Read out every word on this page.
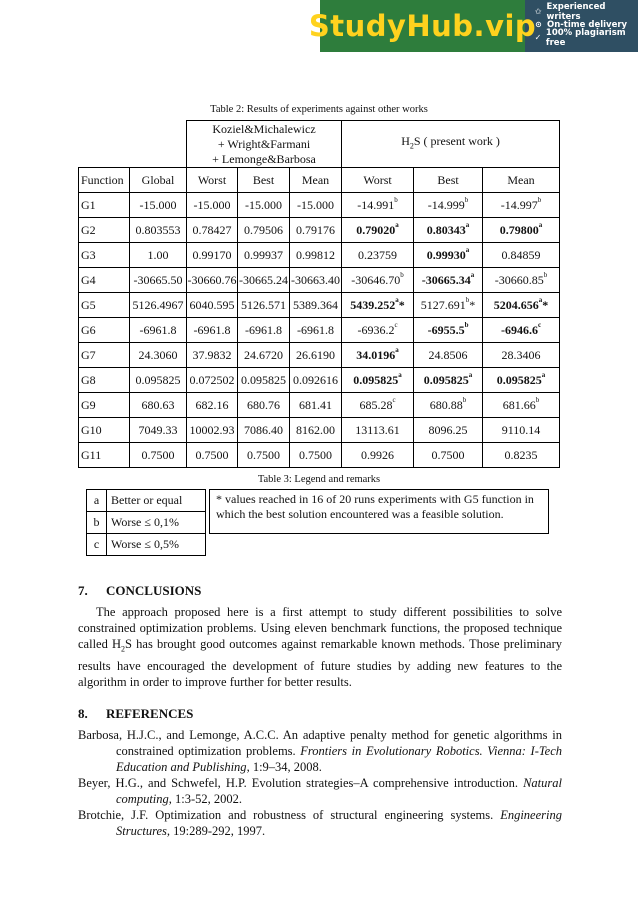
StudyHub.vip
✩ Experienced writers
⊙ On-time delivery
✓ 100% plagiarism free
Table 2: Results of experiments against other works

		Koziel&Michalewicz
+ Wright&Farmani
+ Lemonge&Barbosa			$H_2S$ ( present work )		
Function	Global	Worst	Best	Mean	Worst	Best	Mean
G1	-15.000	-15.000	-15.000	-15.000	-14.991$^b$	-14.999$^b$	-14.997$^b$
G2	0.803553	0.78427	0.79506	0.79176	0.79020$^a$	0.80343$^a$	0.79800$^a$
G3	1.00	0.99170	0.99937	0.99812	0.23759	0.99930$^a$	0.84859
G4	-30665.50	-30660.76	-30665.24	-30663.40	-30646.70$^b$	-30665.34$^a$	-30660.85$^b$
G5	5126.4967	6040.595	5126.571	5389.364	5439.252$^a$*	5127.691$^b$*	5204.656$^a$*
G6	-6961.8	-6961.8	-6961.8	-6961.8	-6936.2$^c$	-6955.5$^b$	-6946.6$^c$
G7	24.3060	37.9832	24.6720	26.6190	34.0196$^a$	24.8506	28.3406
G8	0.095825	0.072502	0.095825	0.092616	0.095825$^a$	0.095825$^a$	0.095825$^a$
G9	680.63	682.16	680.76	681.41	685.28$^c$	680.88$^b$	681.66$^b$
G10	7049.33	10002.93	7086.40	8162.00	13113.61	8096.25	9110.14
G11	0.7500	0.7500	0.7500	0.7500	0.9926	0.7500	0.8235
Table 3: Legend and remarks
a	Better or equal		* values reached in 16 of 20 runs experiments with G5 function in which the best solution encountered was a feasible solution.
b	Worse ≤ 0,1%		
c	Worse ≤ 0,5%		
7. CONCLUSIONS

The approach proposed here is a first attempt to study different possibilities to solve constrained optimization problems. Using eleven benchmark functions, the proposed technique called $H_2S$ has brought good outcomes against remarkable known methods. Those preliminary results have encouraged the development of future studies by adding new features to the algorithm in order to improve further for better results.

8. REFERENCES

Barbosa, H.J.C., and Lemonge, A.C.C. An adaptive penalty method for genetic algorithms in constrained optimization problems. Frontiers in Evolutionary Robotics. Vienna: I-Tech Education and Publishing, 1:9–34, 2008.

Beyer, H.G., and Schwefel, H.P. Evolution strategies–A comprehensive introduction. Natural computing, 1:3-52, 2002.

Brotchie, J.F. Optimization and robustness of structural engineering systems. Engineering Structures, 19:289-292, 1997.
